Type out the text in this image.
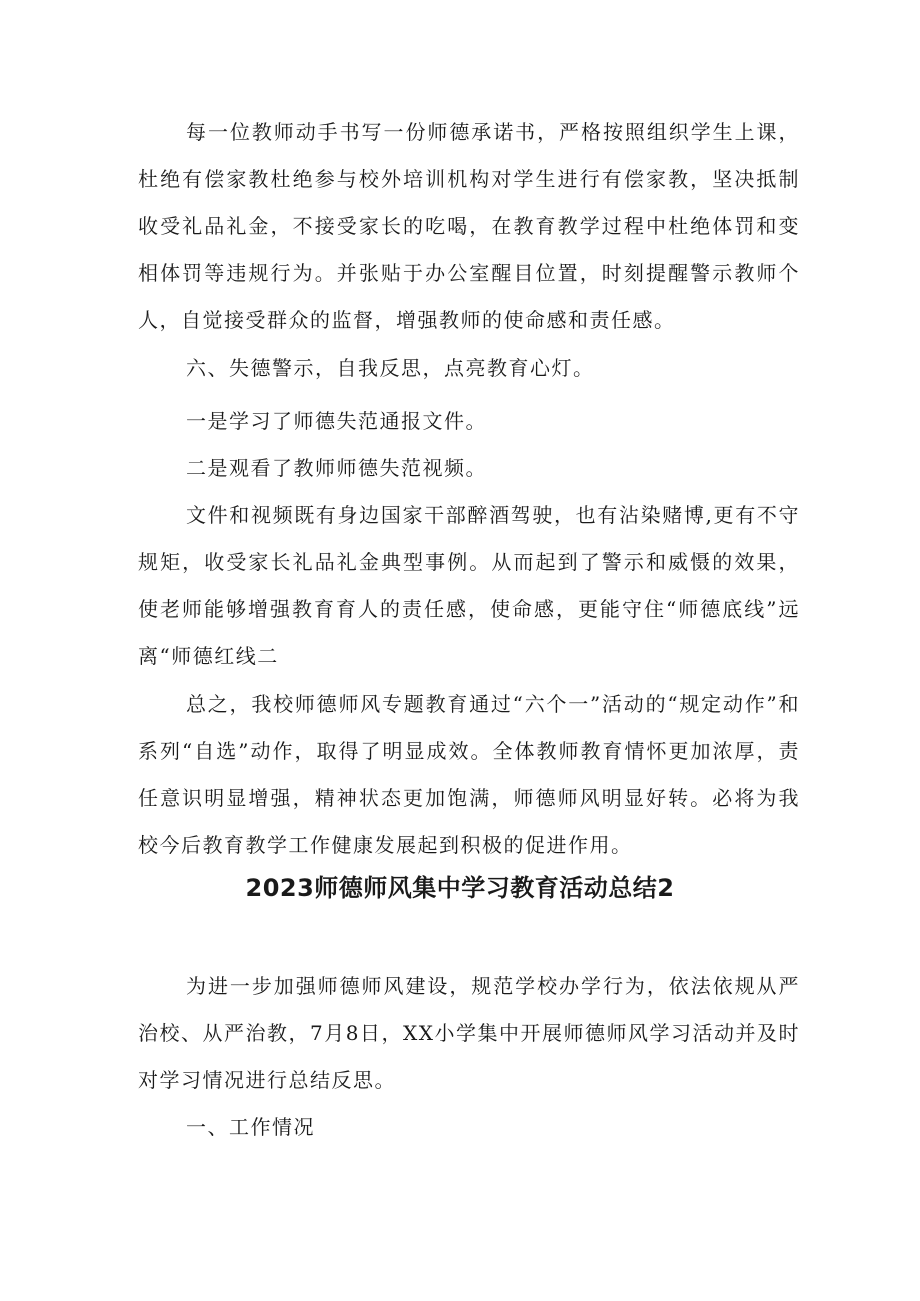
每一位教师动手书写一份师德承诺书，严格按照组织学生上课，杜绝有偿家教杜绝参与校外培训机构对学生进行有偿家教，坚决抵制收受礼品礼金，不接受家长的吃喝，在教育教学过程中杜绝体罚和变相体罚等违规行为。并张贴于办公室醒目位置，时刻提醒警示教师个人，自觉接受群众的监督，增强教师的使命感和责任感。

六、失德警示，自我反思，点亮教育心灯。

一是学习了师德失范通报文件。

二是观看了教师师德失范视频。

文件和视频既有身边国家干部醉酒驾驶，也有沾染赌博,更有不守规矩，收受家长礼品礼金典型事例。从而起到了警示和威慑的效果，使老师能够增强教育育人的责任感，使命感，更能守住“师德底线”远离“师德红线二

总之，我校师德师风专题教育通过“六个一”活动的“规定动作”和系列“自选”动作，取得了明显成效。全体教师教育情怀更加浓厚，责任意识明显增强，精神状态更加饱满，师德师风明显好转。必将为我校今后教育教学工作健康发展起到积极的促进作用。

2023师德师风集中学习教育活动总结2

为进一步加强师德师风建设，规范学校办学行为，依法依规从严治校、从严治教，7月8日，XX小学集中开展师德师风学习活动并及时对学习情况进行总结反思。

一、工作情况
